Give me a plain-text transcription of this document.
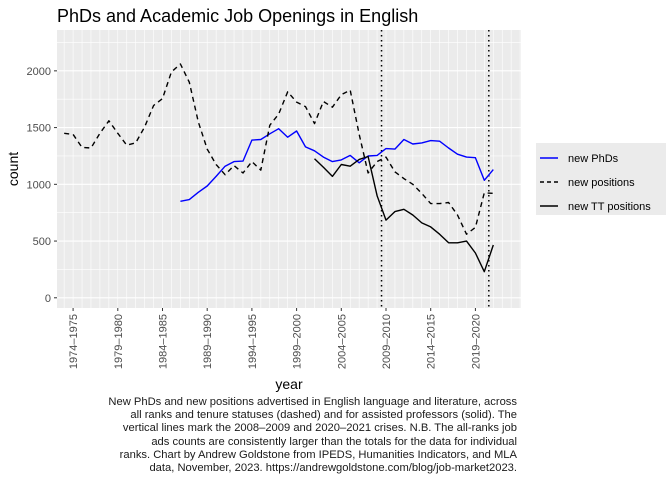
PhDs and Academic Job Openings in English
0
500
1000
1500
2000
1974–1975	1979–1980	1984–1985	1989–1990	1994–1995	1999–2000	2004–2005	2009–2010	2014–2015	2019–2020
count
year
new PhDs
new positions
new TT positions
New PhDs and new positions advertised in English language and literature, across
all ranks and tenure statuses (dashed) and for assisted professors (solid). The
vertical lines mark the 2008–2009 and 2020–2021 crises. N.B. The all-ranks job
ads counts are consistently larger than the totals for the data for individual
ranks. Chart by Andrew Goldstone from IPEDS, Humanities Indicators, and MLA
data, November, 2023. https://andrewgoldstone.com/blog/job-market2023.
